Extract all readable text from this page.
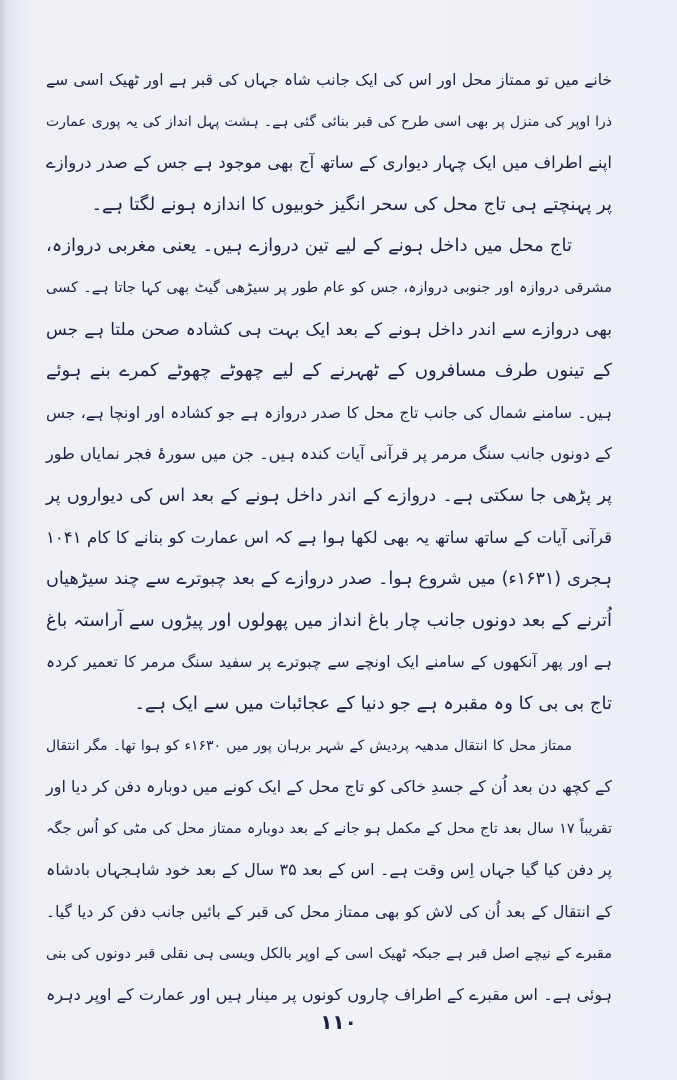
خانے میں تو ممتاز محل اور اس کی ایک جانب شاہ جہاں کی قبر ہے اور ٹھیک اسی سے
ذرا اوپر کی منزل پر بھی اسی طرح کی قبر بنائی گئی ہے۔ ہشت پہل انداز کی یہ پوری عمارت
اپنے اطراف میں ایک چہار دیواری کے ساتھ آج بھی موجود ہے جس کے صدر دروازے
پر پہنچتے ہی تاج محل کی سحر انگیز خوبیوں کا اندازہ ہونے لگتا ہے۔
تاج محل میں داخل ہونے کے لیے تین دروازے ہیں۔ یعنی مغربی دروازہ،
مشرقی دروازہ اور جنوبی دروازہ، جس کو عام طور پر سیڑھی گیٹ بھی کہا جاتا ہے۔ کسی
بھی دروازے سے اندر داخل ہونے کے بعد ایک بہت ہی کشادہ صحن ملتا ہے جس
کے تینوں طرف مسافروں کے ٹھہرنے کے لیے چھوٹے چھوٹے کمرے بنے ہوئے
ہیں۔ سامنے شمال کی جانب تاج محل کا صدر دروازہ ہے جو کشادہ اور اونچا ہے، جس
کے دونوں جانب سنگ مرمر پر قرآنی آیات کندہ ہیں۔ جن میں سورۂ فجر نمایاں طور
پر پڑھی جا سکتی ہے۔ دروازے کے اندر داخل ہونے کے بعد اس کی دیواروں پر
قرآنی آیات کے ساتھ ساتھ یہ بھی لکھا ہوا ہے کہ اس عمارت کو بنانے کا کام ۱۰۴۱
ہجری (۱۶۳۱ء) میں شروع ہوا۔ صدر دروازے کے بعد چبوترے سے چند سیڑھیاں
اُترنے کے بعد دونوں جانب چار باغ انداز میں پھولوں اور پیڑوں سے آراستہ باغ
ہے اور پھر آنکھوں کے سامنے ایک اونچے سے چبوترے پر سفید سنگ مرمر کا تعمیر کردہ
تاج بی بی کا وہ مقبرہ ہے جو دنیا کے عجائبات میں سے ایک ہے۔
ممتاز محل کا انتقال مدھیہ پردیش کے شہر برہان پور میں ۱۶۳۰ء کو ہوا تھا۔ مگر انتقال
کے کچھ دن بعد اُن کے جسدِ خاکی کو تاج محل کے ایک کونے میں دوبارہ دفن کر دیا اور
تقریباً ۱۷ سال بعد تاج محل کے مکمل ہو جانے کے بعد دوبارہ ممتاز محل کی مٹی کو اُس جگہ
پر دفن کیا گیا جہاں اِس وقت ہے۔ اس کے بعد ۳۵ سال کے بعد خود شاہجہاں بادشاہ
کے انتقال کے بعد اُن کی لاش کو بھی ممتاز محل کی قبر کے بائیں جانب دفن کر دیا گیا۔
مقبرے کے نیچے اصل قبر ہے جبکہ ٹھیک اسی کے اوپر بالکل ویسی ہی نقلی قبر دونوں کی بنی
ہوئی ہے۔ اس مقبرے کے اطراف چاروں کونوں پر مینار ہیں اور عمارت کے اوپر دہرہ
۱۱۰
